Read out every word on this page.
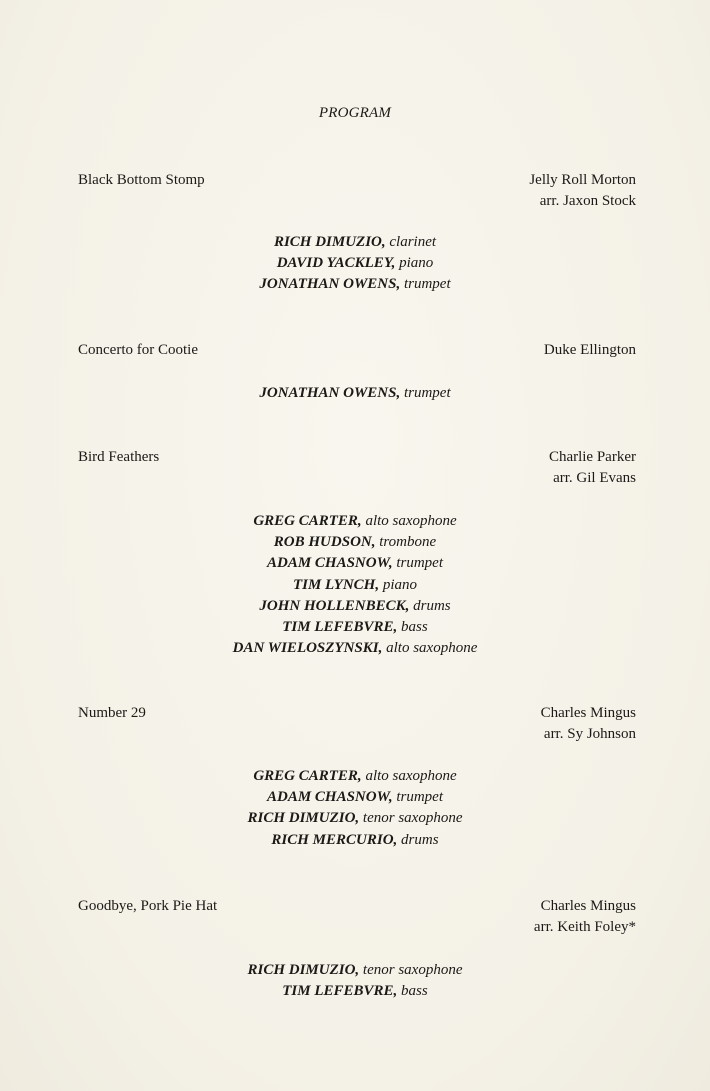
PROGRAM
Black Bottom Stomp	Jelly Roll Morton
arr. Jaxon Stock
RICH DIMUZIO, clarinet
DAVID YACKLEY, piano
JONATHAN OWENS, trumpet
Concerto for Cootie	Duke Ellington
JONATHAN OWENS, trumpet
Bird Feathers	Charlie Parker
arr. Gil Evans
GREG CARTER, alto saxophone
ROB HUDSON, trombone
ADAM CHASNOW, trumpet
TIM LYNCH, piano
JOHN HOLLENBECK, drums
TIM LEFEBVRE, bass
DAN WIELOSZYNSKI, alto saxophone
Number 29	Charles Mingus
arr. Sy Johnson
GREG CARTER, alto saxophone
ADAM CHASNOW, trumpet
RICH DIMUZIO, tenor saxophone
RICH MERCURIO, drums
Goodbye, Pork Pie Hat	Charles Mingus
arr. Keith Foley*
RICH DIMUZIO, tenor saxophone
TIM LEFEBVRE, bass
